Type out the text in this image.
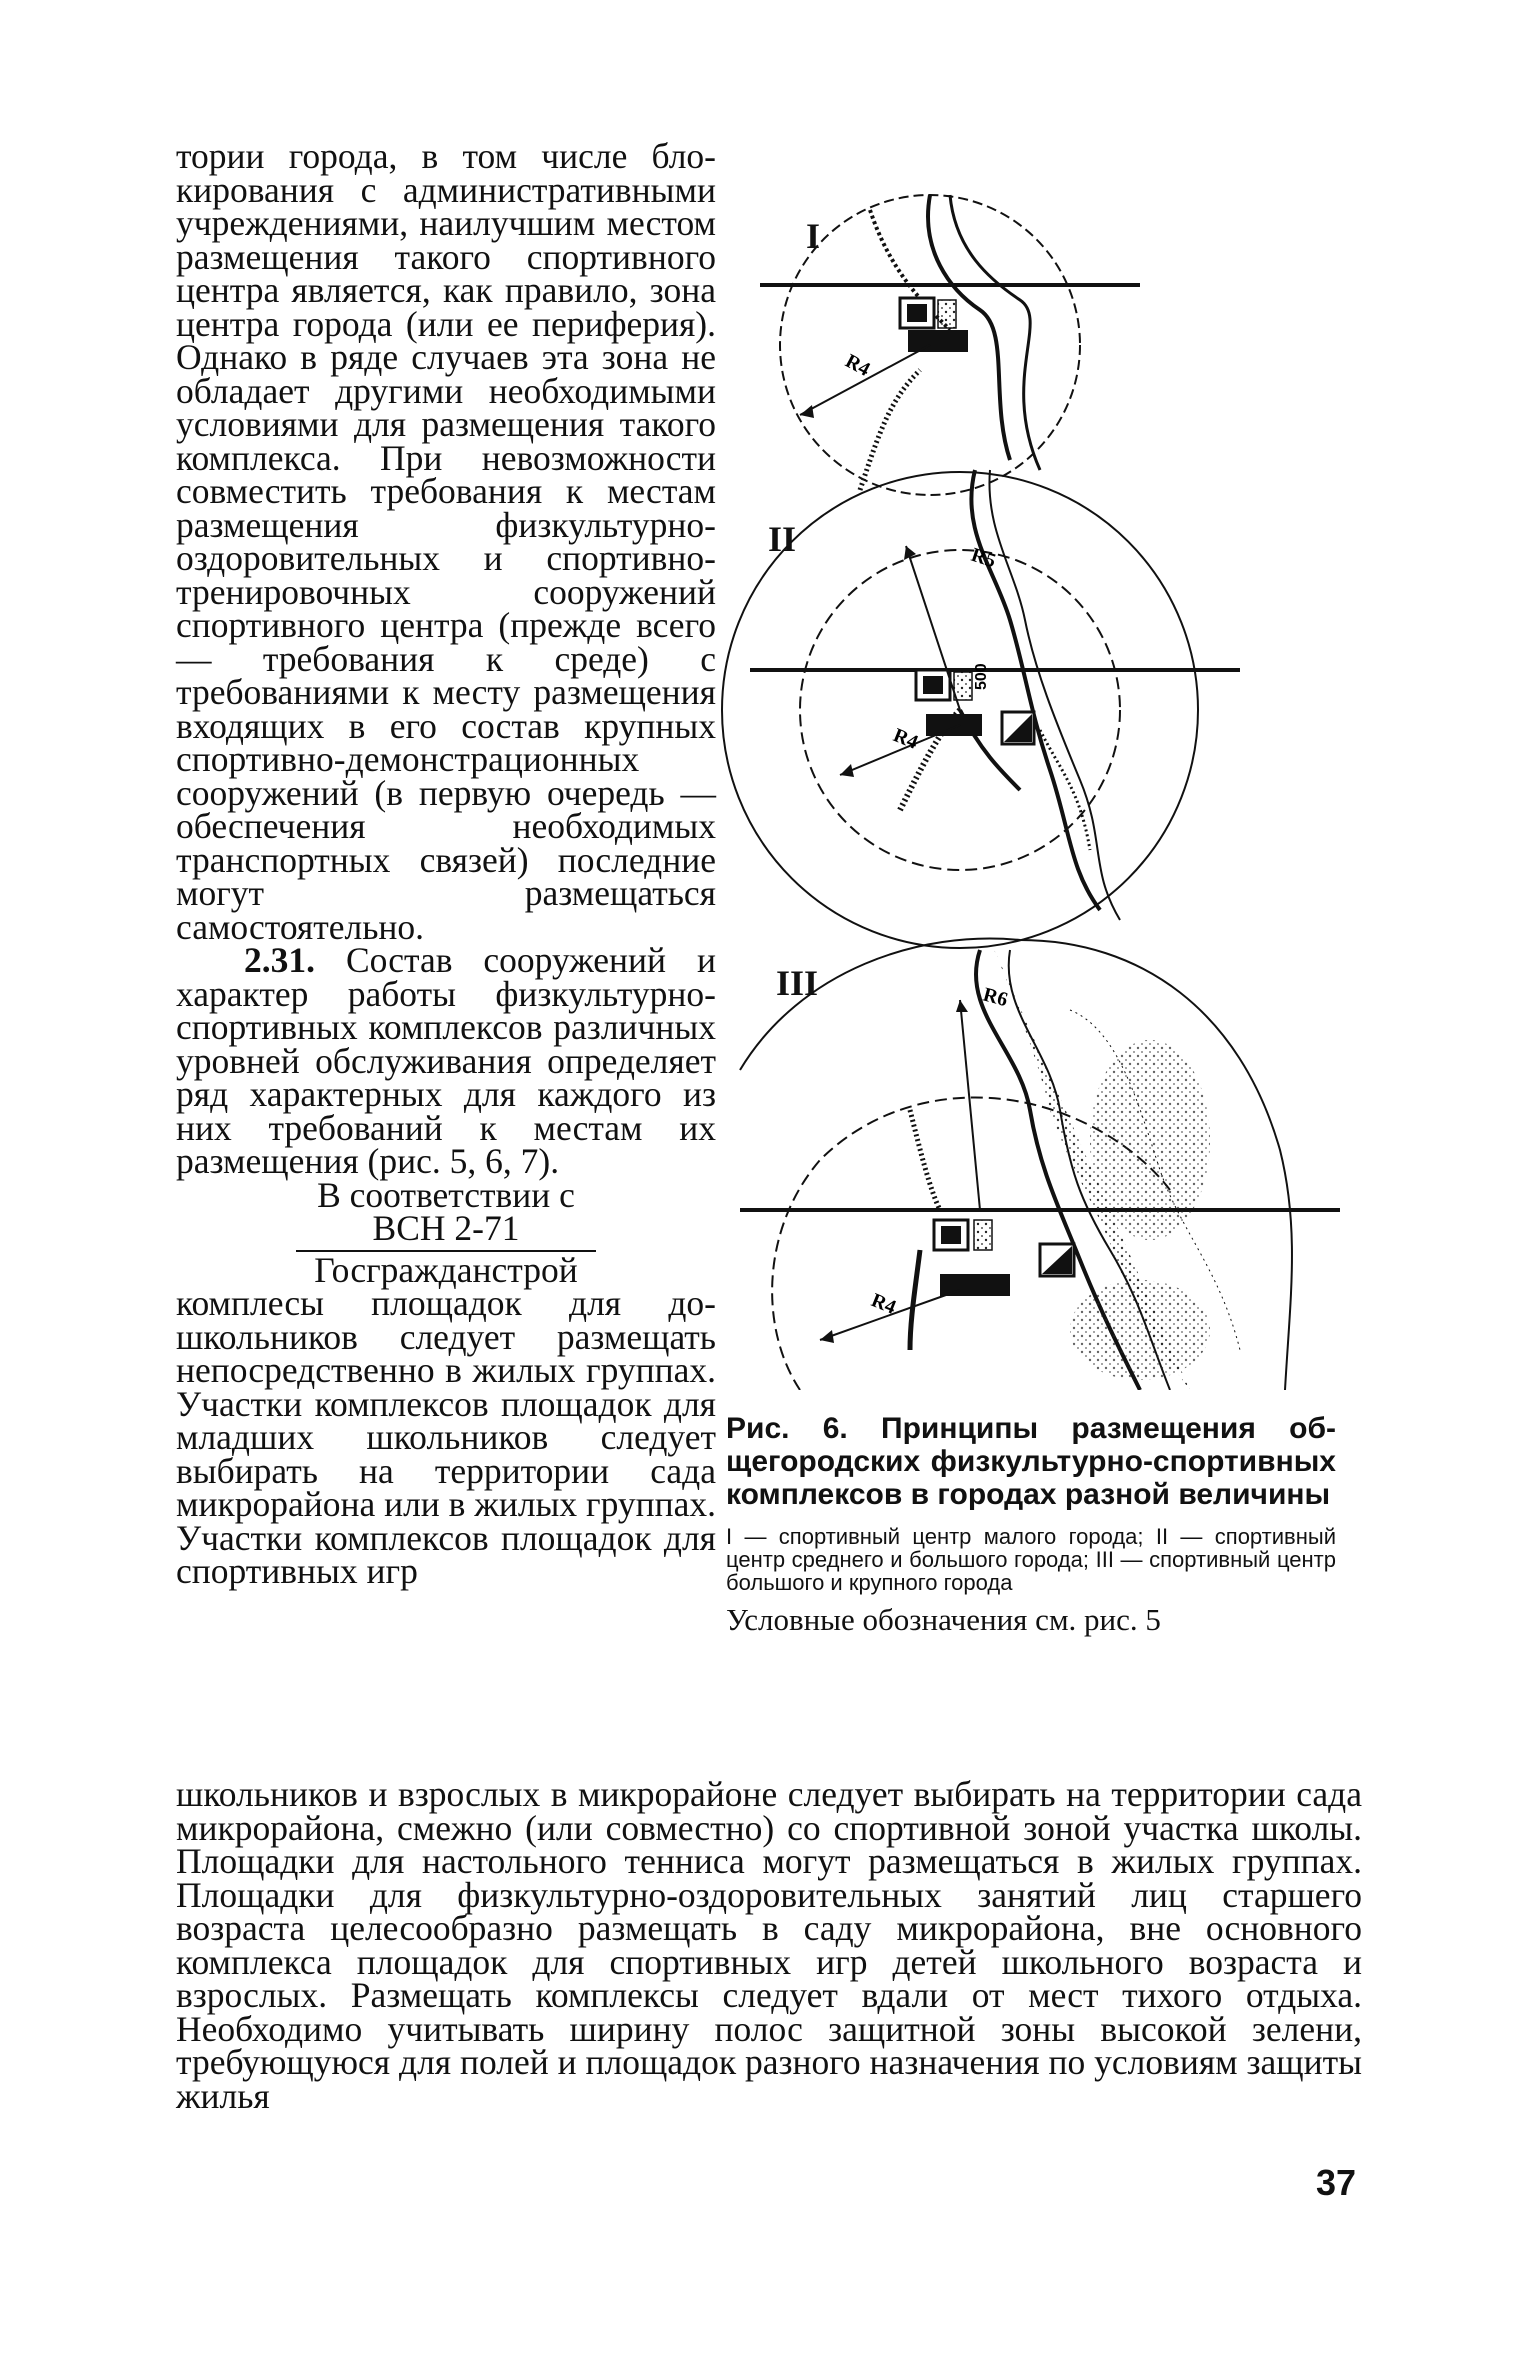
тории города, в том числе блокирования с административными учреждениями, наилучшим местом размещения такого спортивного центра является, как правило, зона центра города (или ее периферия). Однако в ряде случаев эта зона не обладает другими необходимыми условиями для размещения такого комплекса. При невозможности совместить требования к местам размещения физкультурно-оздоровительных и спортивно-тренировочных сооружений спортивного центра (прежде всего — требования к среде) с требованиями к месту размещения входящих в его состав крупных спортивно-демонстрационных сооружений (в первую очередь — обеспечения необходимых транспортных связей) последние могут размещаться самостоятельно.

2.31. Состав сооружений и характер работы физкультурно-спортивных комплексов различных уровней обслуживания определяет ряд характерных для каждого из них требований к местам их размещения (рис. 5, 6, 7).

В соответствии с
ВСН 2-71
Госгражданстрой

комплесы площадок для дошкольников следует размещать непосредственно в жилых группах. Участки комплексов площадок для младших школьников следует выбирать на территории сада микрорайона или в жилых группах. Участки комплексов площадок для спортивных игр

R4
500
R4
R5
R4
R6
I
II
III
Рис. 6. Принципы размещения общегородских физкультурно-спортивных комплексов в городах разной величины
I — спортивный центр малого города; II — спортивный центр среднего и большого города; III — спортивный центр большого и крупного города
Условные обозначения см. рис. 5

школьников и взрослых в микрорайоне следует выбирать на территории сада микрорайона, смежно (или совместно) со спортивной зоной участка школы. Площадки для настольного тенниса могут размещаться в жилых группах. Площадки для физкультурно-оздоровительных занятий лиц старшего возраста целесообразно размещать в саду микрорайона, вне основного комплекса площадок для спортивных игр детей школьного возраста и взрослых. Размещать комплексы следует вдали от мест тихого отдыха. Необходимо учитывать ширину полос защитной зоны высокой зелени, требующуюся для полей и площадок разного назначения по условиям защиты жилья

37
